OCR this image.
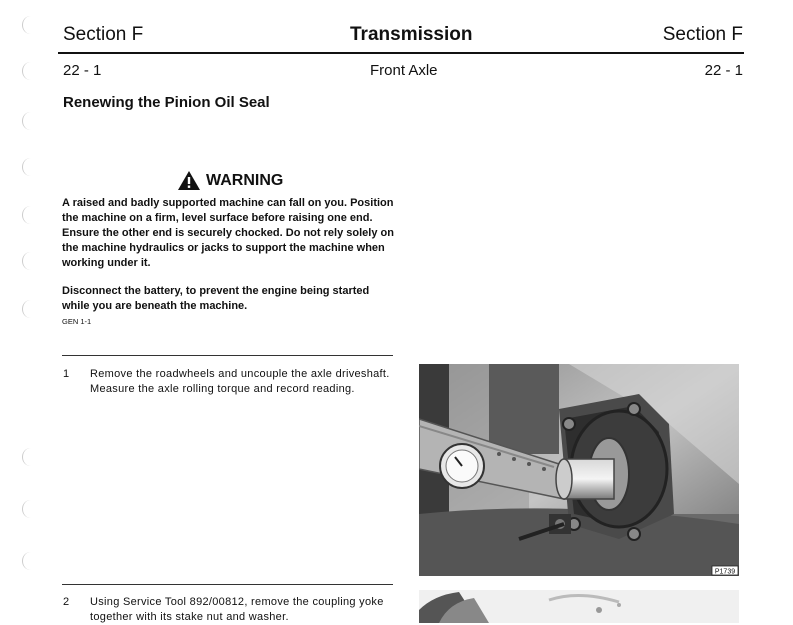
Section F	Transmission	Section F
22 - 1	Front Axle	22 - 1
Renewing the Pinion Oil Seal
WARNING
A raised and badly supported machine can fall on you. Position the machine on a firm, level surface before raising one end. Ensure the other end is securely chocked. Do not rely solely on the machine hydraulics or jacks to support the machine when working under it.
Disconnect the battery, to prevent the engine being started while you are beneath the machine.
GEN 1-1
1 Remove the roadwheels and uncouple the axle driveshaft. Measure the axle rolling torque and record reading.
P1739
2 Using Service Tool 892/00812, remove the coupling yoke together with its stake nut and washer.
